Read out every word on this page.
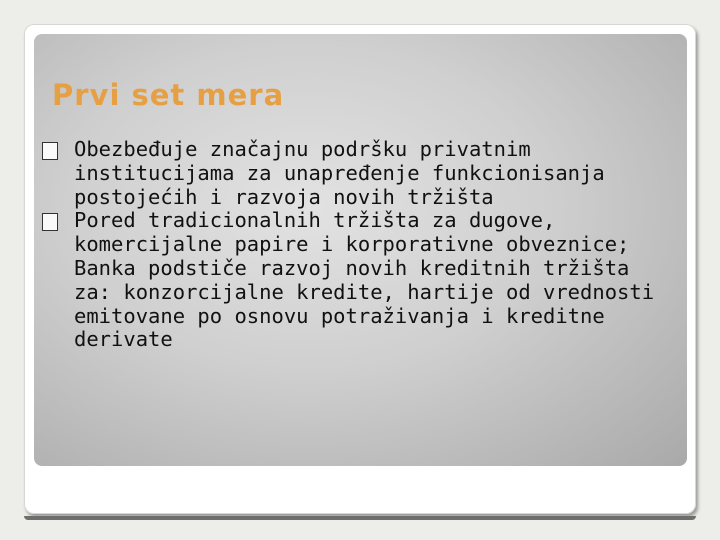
Prvi set mera
Obezbeđuje značajnu podršku privatnim institucijama za unapređenje funkcionisanja postojećih i razvoja novih tržišta
Pored tradicionalnih tržišta za dugove, komercijalne papire i korporativne obveznice; Banka podstiče razvoj novih kreditnih tržišta za: konzorcijalne kredite, hartije od vrednosti emitovane po osnovu potraživanja i kreditne derivate
